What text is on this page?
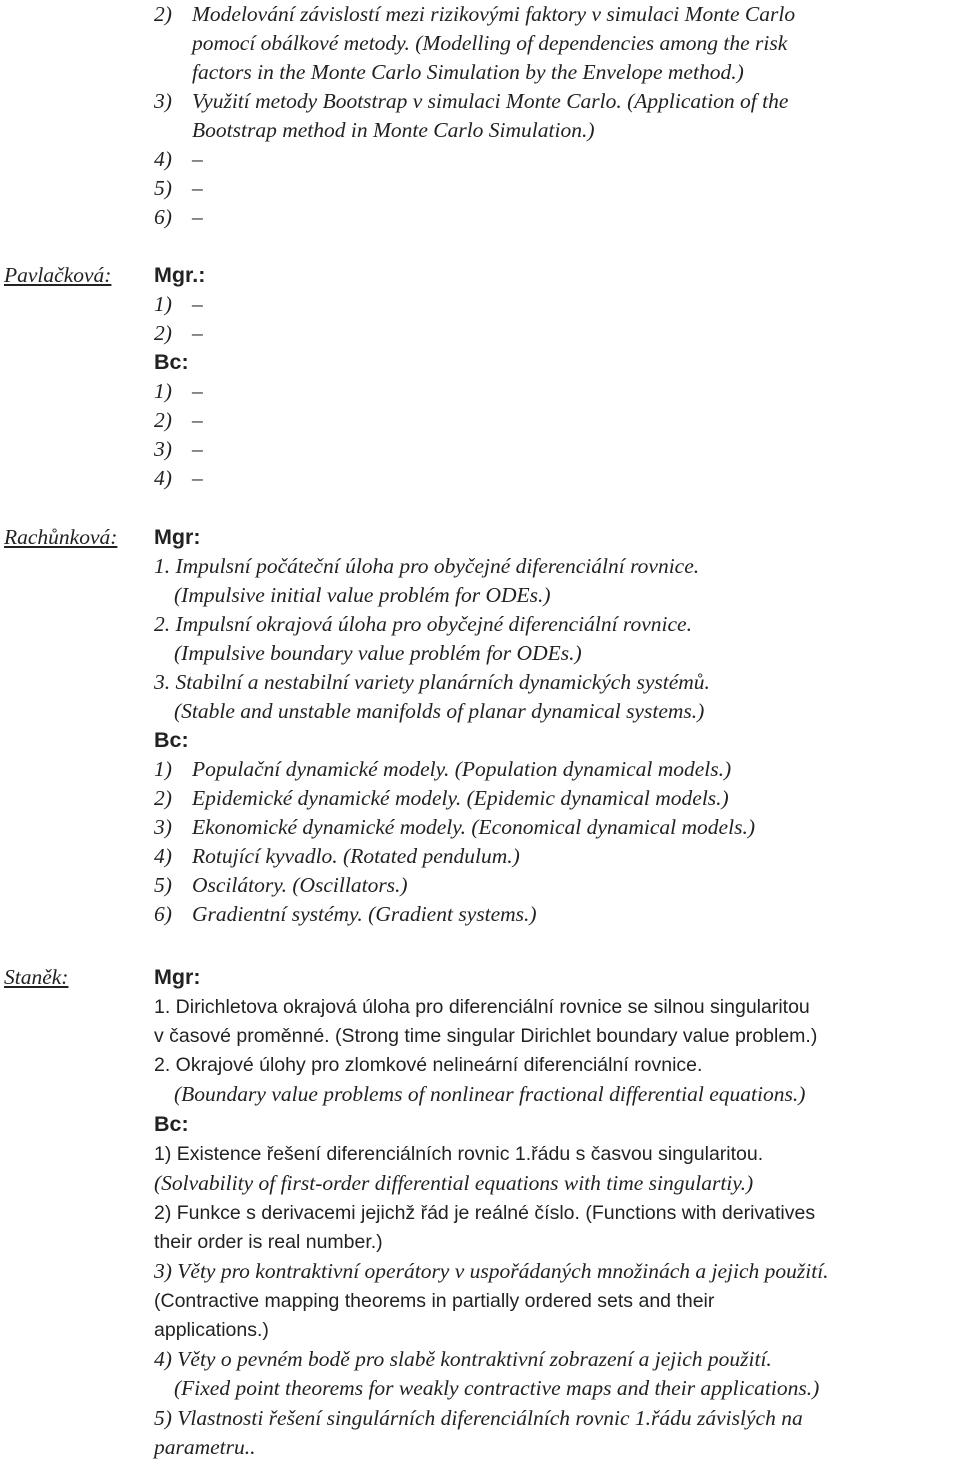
2) Modelování závislostí mezi rizikovými faktory v simulaci Monte Carlo
pomocí obálkové metody. (Modelling of dependencies among the risk
factors in the Monte Carlo Simulation by the Envelope method.)
3) Využití metody Bootstrap v simulaci Monte Carlo. (Application of the
Bootstrap method in Monte Carlo Simulation.)
4) –
5) –
6) –
Pavlačková: Mgr.:
1) –
2) –
Bc:
1) –
2) –
3) –
4) –
Rachůnková: Mgr:
1. Impulsní počáteční úloha pro obyčejné diferenciální rovnice.
(Impulsive initial value problém for ODEs.)
2. Impulsní okrajová úloha pro obyčejné diferenciální rovnice.
(Impulsive boundary value problém for ODEs.)
3. Stabilní a nestabilní variety planárních dynamických systémů.
(Stable and unstable manifolds of planar dynamical systems.)
Bc:
1) Populační dynamické modely. (Population dynamical models.)
2) Epidemické dynamické modely. (Epidemic dynamical models.)
3) Ekonomické dynamické modely. (Economical dynamical models.)
4) Rotující kyvadlo. (Rotated pendulum.)
5) Oscilátory. (Oscillators.)
6) Gradientní systémy. (Gradient systems.)
Staněk:	Mgr:
1. Dirichletova okrajová úloha pro diferenciální rovnice se silnou singularitou
v časové proměnné. (Strong time singular Dirichlet boundary value problem.)
2. Okrajové úlohy pro zlomkové nelineární diferenciální rovnice.
(Boundary value problems of nonlinear fractional differential equations.)
Bc:
1) Existence řešení diferenciálních rovnic 1.řádu s časvou singularitou.
(Solvability of first-order differential equations with time singulartiy.)
2) Funkce s derivacemi jejichž řád je reálné číslo. (Functions with derivatives
their order is real number.)
3) Věty pro kontraktivní operátory v uspořádaných množinách a jejich použití.
(Contractive mapping theorems in partially ordered sets and their
applications.)
4) Věty o pevném bodě pro slabě kontraktivní zobrazení a jejich použití.
(Fixed point theorems for weakly contractive maps and their applications.)
5) Vlastnosti řešení singulárních diferenciálních rovnic 1.řádu závislých na
parametru..
